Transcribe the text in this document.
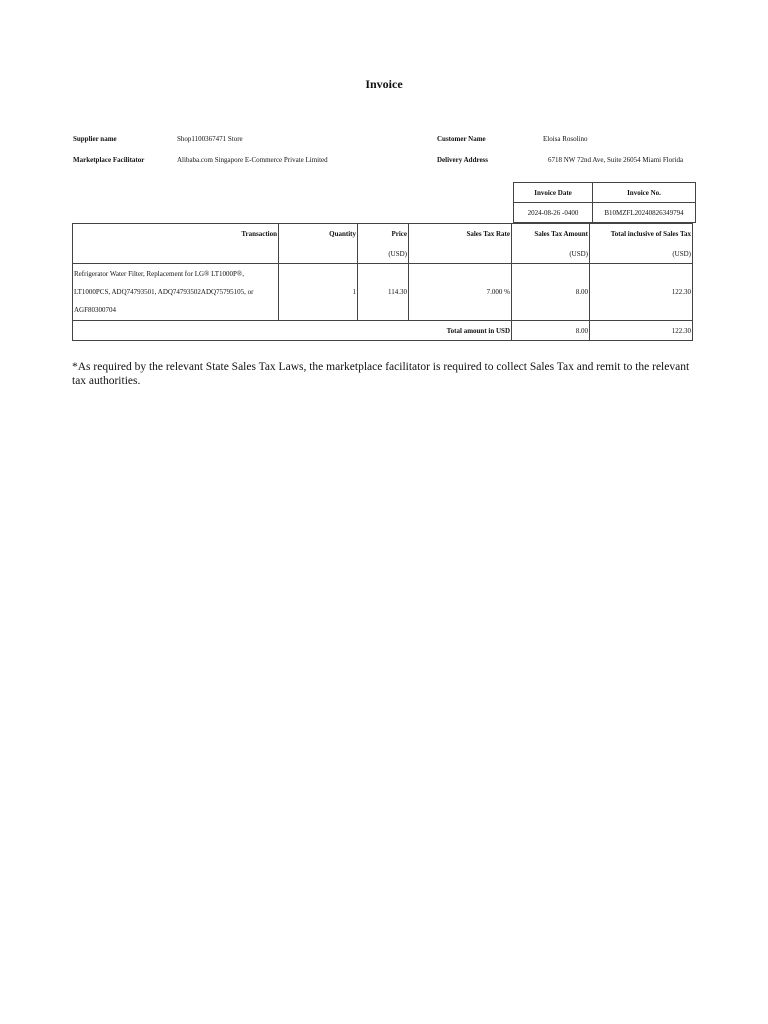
Invoice
Supplier name	Shop1100367471 Store
Marketplace Facilitator	Alibaba.com Singapore E-Commerce Private Limited
Customer Name	Eloisa Rosolino
Delivery Address	6718 NW 72nd Ave, Suite 26054 Miami Florida
Invoice Date	Invoice No.
2024-08-26 -0400	B10MZFL20240826349794
Transaction	Quantity	Price	Sales Tax Rate	Sales Tax Amount	Total inclusive of Sales Tax
		(USD)		(USD)	(USD)

Refrigerator Water Filter, Replacement for LG® LT1000P®,
LT1000PCS, ADQ74793501, ADQ74793502ADQ75795105, or
AGF80300704	1	114.30	7.000 %	8.00	122.30
Total amount in USD				8.00	122.30
*As required by the relevant State Sales Tax Laws, the marketplace facilitator is required to collect Sales Tax and remit to the relevant tax authorities.
